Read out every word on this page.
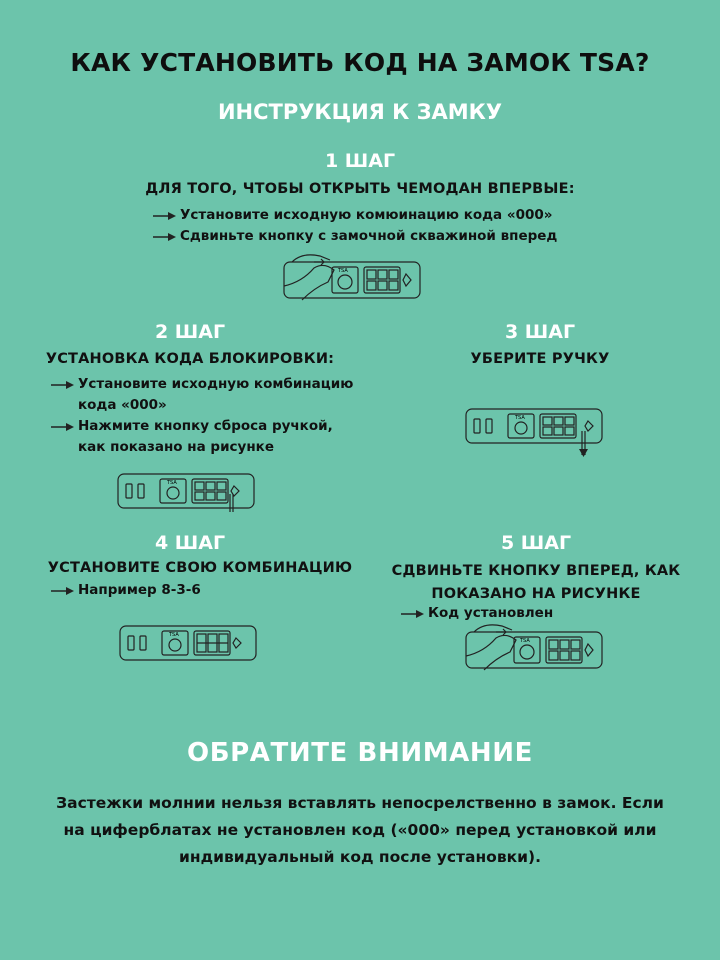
КАК УСТАНОВИТЬ КОД НА ЗАМОК TSA?
ИНСТРУКЦИЯ К ЗАМКУ
1 ШАГ
ДЛЯ ТОГО, ЧТОБЫ ОТКРЫТЬ ЧЕМОДАН ВПЕРВЫЕ:
Установите исходную комюинацию кода «000»
Сдвиньте кнопку с замочной скважиной вперед
TSA
2 ШАГ
УСТАНОВКА КОДА БЛОКИРОВКИ:
Установите исходную комбинацию
кода «000»
Нажмите кнопку сброса ручкой,
как показано на рисунке
TSA
3 ШАГ
УБЕРИТЕ РУЧКУ
TSA
4 ШАГ
УСТАНОВИТЕ СВОЮ КОМБИНАЦИЮ
Например 8-3-6
TSA
5 ШАГ
СДВИНЬТЕ КНОПКУ ВПЕРЕД, КАК
ПОКАЗАНО НА РИСУНКЕ
Код установлен
TSA
ОБРАТИТЕ ВНИМАНИЕ
Застежки молнии нельзя вставлять непосрелственно в замок. Если
на циферблатах не установлен код («000» перед установкой или
индивидуальный код после установки).
